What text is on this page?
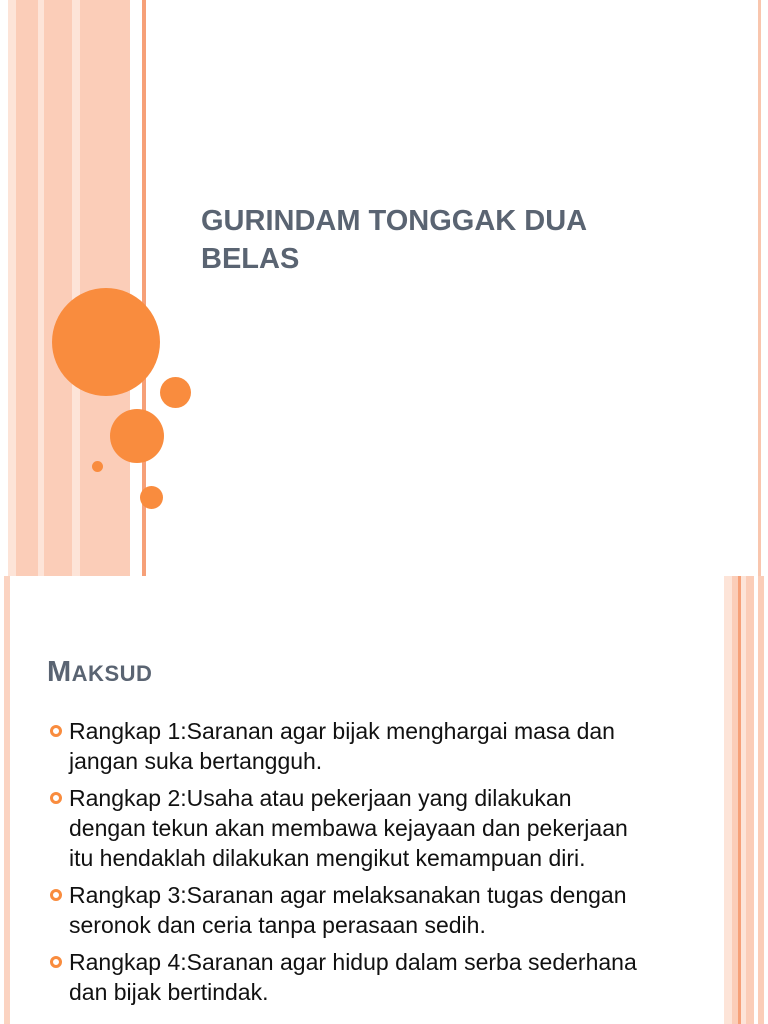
GURINDAM TONGGAK DUA BELAS
MAKSUD
Rangkap 1:Saranan agar bijak menghargai masa dan jangan suka bertangguh.
Rangkap 2:Usaha atau pekerjaan yang dilakukan dengan tekun akan membawa kejayaan dan pekerjaan itu hendaklah dilakukan mengikut kemampuan diri.
Rangkap 3:Saranan agar melaksanakan tugas dengan seronok dan ceria tanpa perasaan sedih.
Rangkap 4:Saranan agar hidup dalam serba sederhana dan bijak bertindak.
